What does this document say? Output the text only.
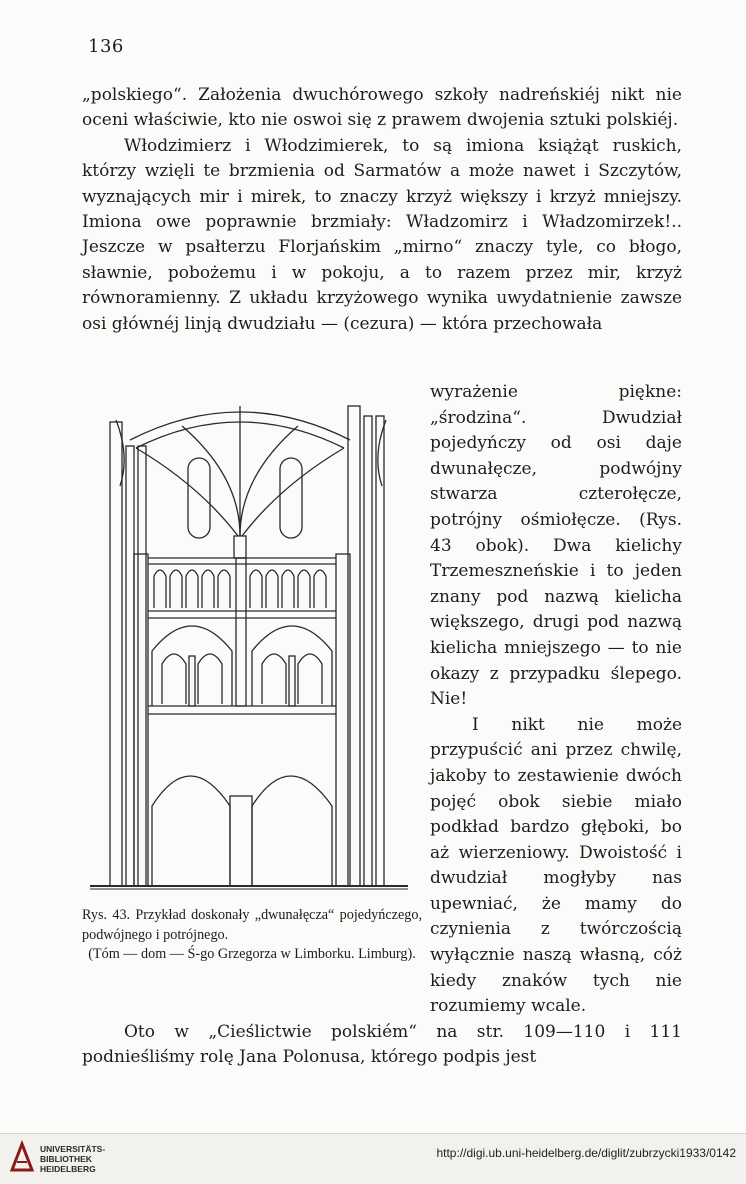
136

„polskiego“. Założenia dwuchórowego szkoły nadreńskiéj nikt nie oceni właściwie, kto nie oswoi się z prawem dwojenia sztuki polskiéj.

Włodzimierz i Włodzimierek, to są imiona książąt ruskich, którzy wzięli te brzmienia od Sarmatów a może nawet i Szczytów, wyznających mir i mirek, to znaczy krzyż większy i krzyż mniejszy. Imiona owe poprawnie brzmiały: Władzomirz i Władzomirzek!.. Jeszcze w psałterzu Florjańskim „mirno“ znaczy tyle, co błogo, sławnie, pobożemu i w pokoju, a to razem przez mir, krzyż równoramienny. Z układu krzyżowego wynika uwydatnienie zawsze osi głównéj linją dwudziału — (cezura) — która przechowała

wyrażenie piękne: „środzina“. Dwudział pojedyńczy od osi daje dwunałęcze, podwójny stwarza czterołęcze, potrójny ośmiołęcze. (Rys. 43 obok). Dwa kielichy Trzemeszneńskie i to jeden znany pod nazwą kielicha większego, drugi pod nazwą kielicha mniejszego — to nie okazy z przypadku ślepego. Nie!

I nikt nie może przypuścić ani przez chwilę, jakoby to zestawienie dwóch pojęć obok siebie miało podkład bardzo głęboki, bo aż wierzeniowy. Dwoistość i dwudział mogłyby nas upewniać, że mamy do czynienia z twórczością wyłącznie naszą własną, cóż kiedy znaków tych nie rozumiemy wcale.

Rys. 43. Przykład doskonały „dwunałęcza“ pojedyńczego, podwójnego i potrójnego.

(Tóm — dom — Ś-go Grzegorza w Limborku. Limburg).

Oto w „Cieślictwie polskiém“ na str. 109—110 i 111 podnieśliśmy rolę Jana Polonusa, którego podpis jest

UNIVERSITÄTS-
BIBLIOTHEK
HEIDELBERG
http://digi.ub.uni-heidelberg.de/diglit/zubrzycki1933/0142
